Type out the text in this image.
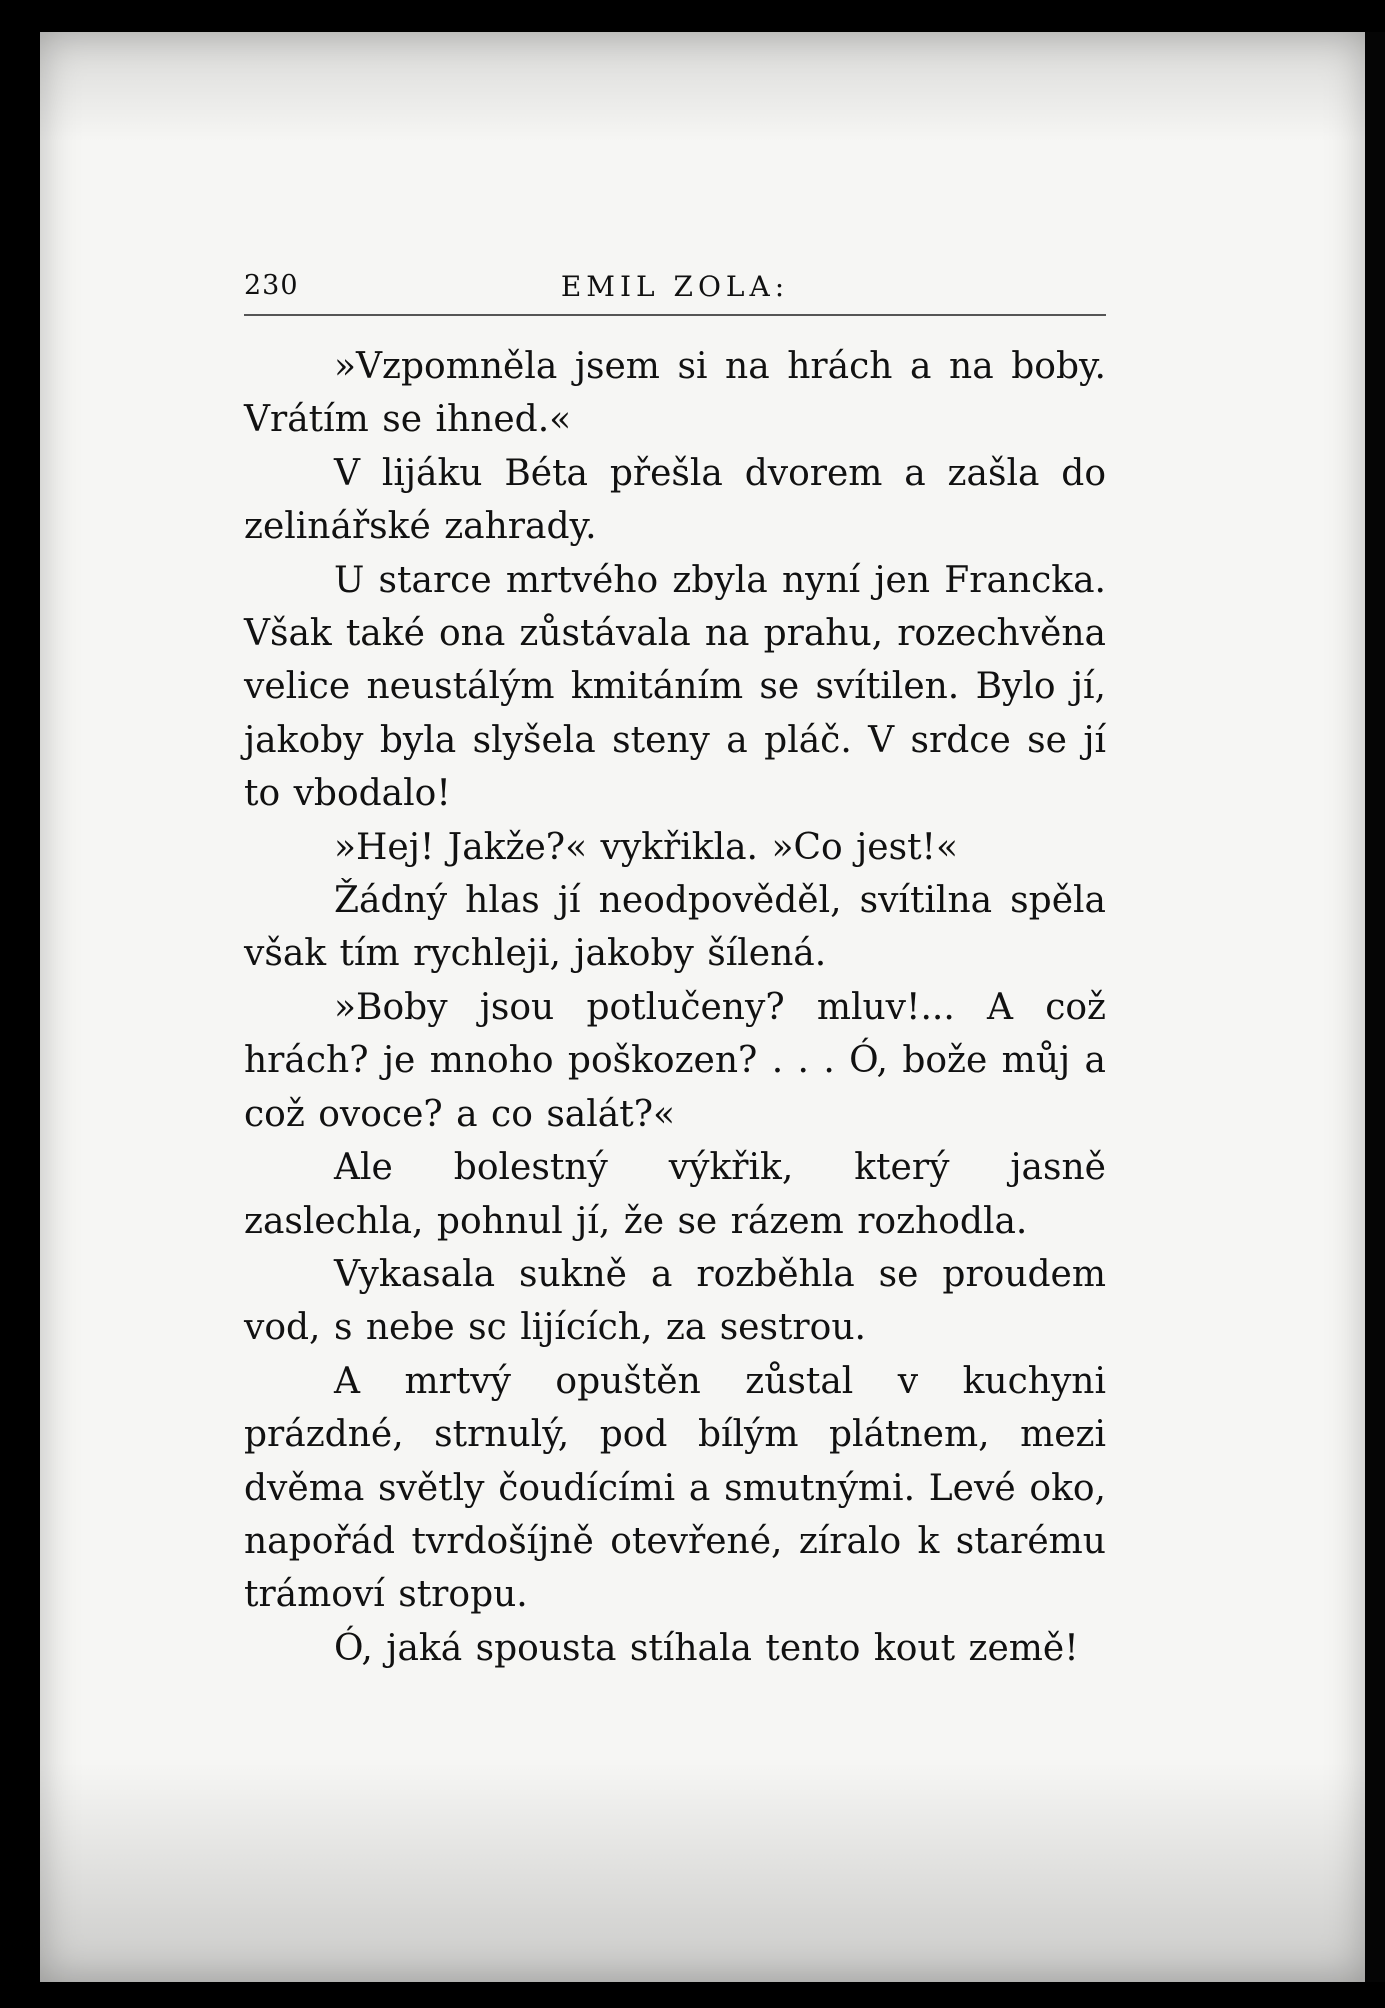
230	EMIL ZOLA:

»Vzpomněla jsem si na hrách a na boby. Vrátím se ihned.«

V lijáku Béta přešla dvorem a zašla do zelinářské zahrady.

U starce mrtvého zbyla nyní jen Francka. Však také ona zůstávala na prahu, rozechvěna velice neustálým kmitáním se svítilen. Bylo jí, jakoby byla slyšela steny a pláč. V srdce se jí to vbodalo!

»Hej! Jakže?« vykřikla. »Co jest!«

Žádný hlas jí neodpověděl, svítilna spěla však tím rychleji, jakoby šílená.

»Boby jsou potlučeny? mluv!... A což hrách? je mnoho poškozen? . . . Ó, bože můj a což ovoce? a co salát?«

Ale bolestný výkřik, který jasně zaslechla, pohnul jí, že se rázem rozhodla.

Vykasala sukně a rozběhla se proudem vod, s nebe sc lijících, za sestrou.

A mrtvý opuštěn zůstal v kuchyni prázdné, strnulý, pod bílým plátnem, mezi dvěma světly čoudícími a smutnými. Levé oko, napořád tvrdošíjně otevřené, zíralo k starému trámoví stropu.

Ó, jaká spousta stíhala tento kout země!
